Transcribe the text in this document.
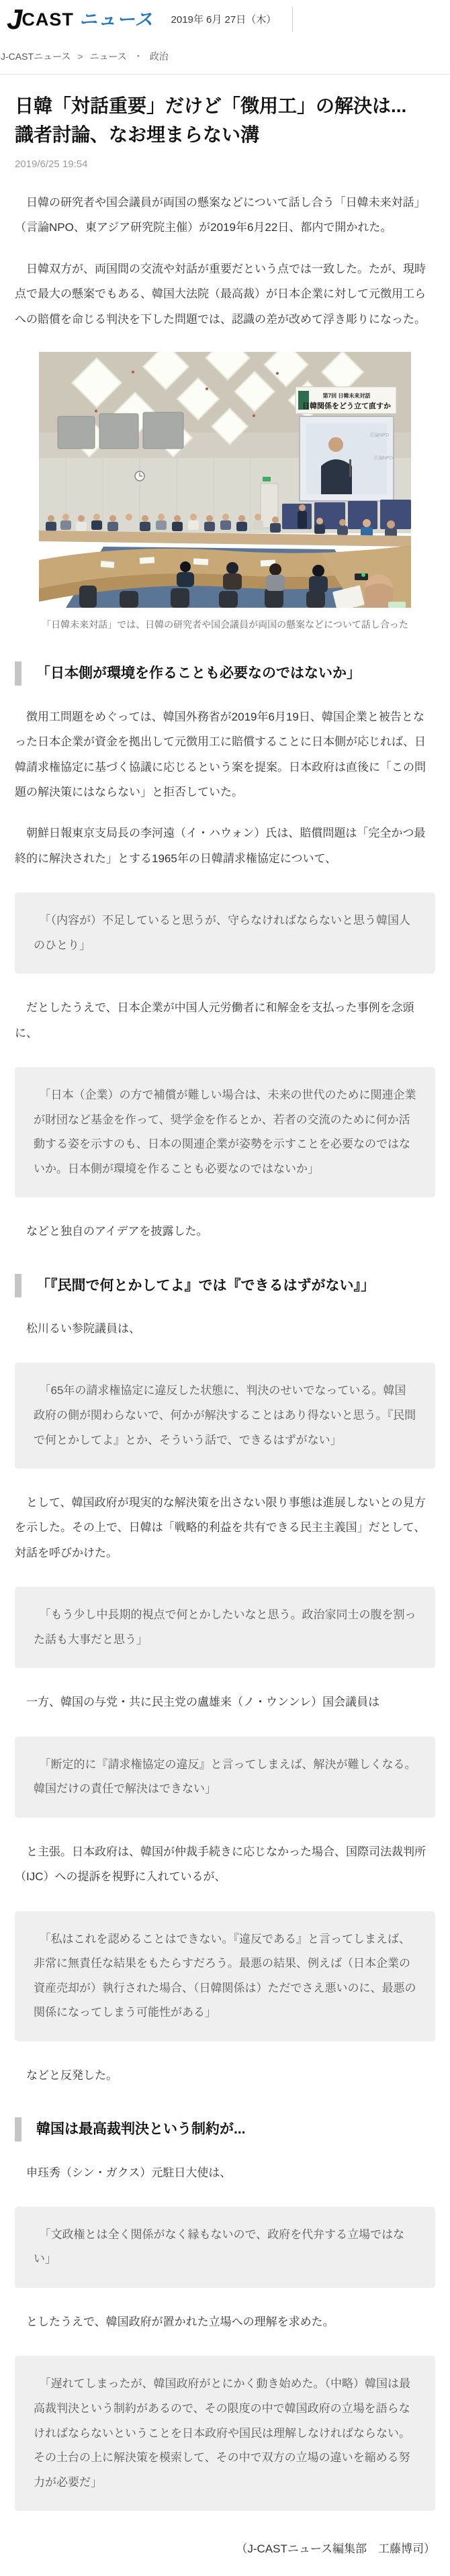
J CAST ニュース 2019年 6月 27日（木）
J-CASTニュース > ニュース ・ 政治
日韓「対話重要」だけど「徴用工」の解決は...　識者討論、なお埋まらない溝
2019/6/25 19:54

日韓の研究者や国会議員が両国の懸案などについて話し合う「日韓未来対話」（言論NPO、東アジア研究院主催）が2019年6月22日、都内で開かれた。

日韓双方が、両国間の交流や対話が重要だという点では一致した。たが、現時点で最大の懸案でもある、韓国大法院（最高裁）が日本企業に対して元徴用工らへの賠償を命じる判決を下した問題では、認識の差が改めて浮き彫りになった。

第7回 日韓未来対話
日韓関係をどう立て直すか
言論NPO
言論NPO
「日韓未来対話」では、日韓の研究者や国会議員が両国の懸案などについて話し合った
「日本側が環境を作ることも必要なのではないか」

徴用工問題をめぐっては、韓国外務省が2019年6月19日、韓国企業と被告となった日本企業が資金を拠出して元徴用工に賠償することに日本側が応じれば、日韓請求権協定に基づく協議に応じるという案を提案。日本政府は直後に「この問題の解決策にはならない」と拒否していた。

朝鮮日報東京支局長の李河遠（イ・ハウォン）氏は、賠償問題は「完全かつ最終的に解決された」とする1965年の日韓請求権協定について、

「（内容が）不足していると思うが、守らなければならないと思う韓国人のひとり」

だとしたうえで、日本企業が中国人元労働者に和解金を支払った事例を念頭に、

「日本（企業）の方で補償が難しい場合は、未来の世代のために関連企業が財団など基金を作って、奨学金を作るとか、若者の交流のために何か活動する姿を示すのも、日本の関連企業が姿勢を示すことを必要なのではないか。日本側が環境を作ることも必要なのではないか」

などと独自のアイデアを披露した。

「『民間で何とかしてよ』では『できるはずがない』」

松川るい参院議員は、

「65年の請求権協定に違反した状態に、判決のせいでなっている。韓国政府の側が関わらないで、何かが解決することはあり得ないと思う。『民間で何とかしてよ』とか、そういう話で、できるはずがない」

として、韓国政府が現実的な解決策を出さない限り事態は進展しないとの見方を示した。その上で、日韓は「戦略的利益を共有できる民主主義国」だとして、対話を呼びかけた。

「もう少し中長期的視点で何とかしたいなと思う。政治家同士の腹を割った話も大事だと思う」

一方、韓国の与党・共に民主党の盧雄来（ノ・ウンンレ）国会議員は

「断定的に『請求権協定の違反』と言ってしまえば、解決が難しくなる。韓国だけの責任で解決はできない」

と主張。日本政府は、韓国が仲裁手続きに応じなかった場合、国際司法裁判所（IJC）への提訴を視野に入れているが、

「私はこれを認めることはできない。『違反である』と言ってしまえば、非常に無責任な結果をもたらすだろう。最悪の結果、例えば（日本企業の資産売却が）執行された場合、（日韓関係は）ただでさえ悪いのに、最悪の関係になってしまう可能性がある」

などと反発した。

韓国は最高裁判決という制約が...

申珏秀（シン・ガクス）元駐日大使は、

「文政権とは全く関係がなく縁もないので、政府を代弁する立場ではない」

としたうえで、韓国政府が置かれた立場への理解を求めた。

「遅れてしまったが、韓国政府がとにかく動き始めた。（中略）韓国は最高裁判決という制約があるので、その限度の中で韓国政府の立場を語らなければならないということを日本政府や国民は理解しなければならない。その土台の上に解決策を模索して、その中で双方の立場の違いを縮める努力が必要だ」
（J-CASTニュース編集部　工藤博司）
